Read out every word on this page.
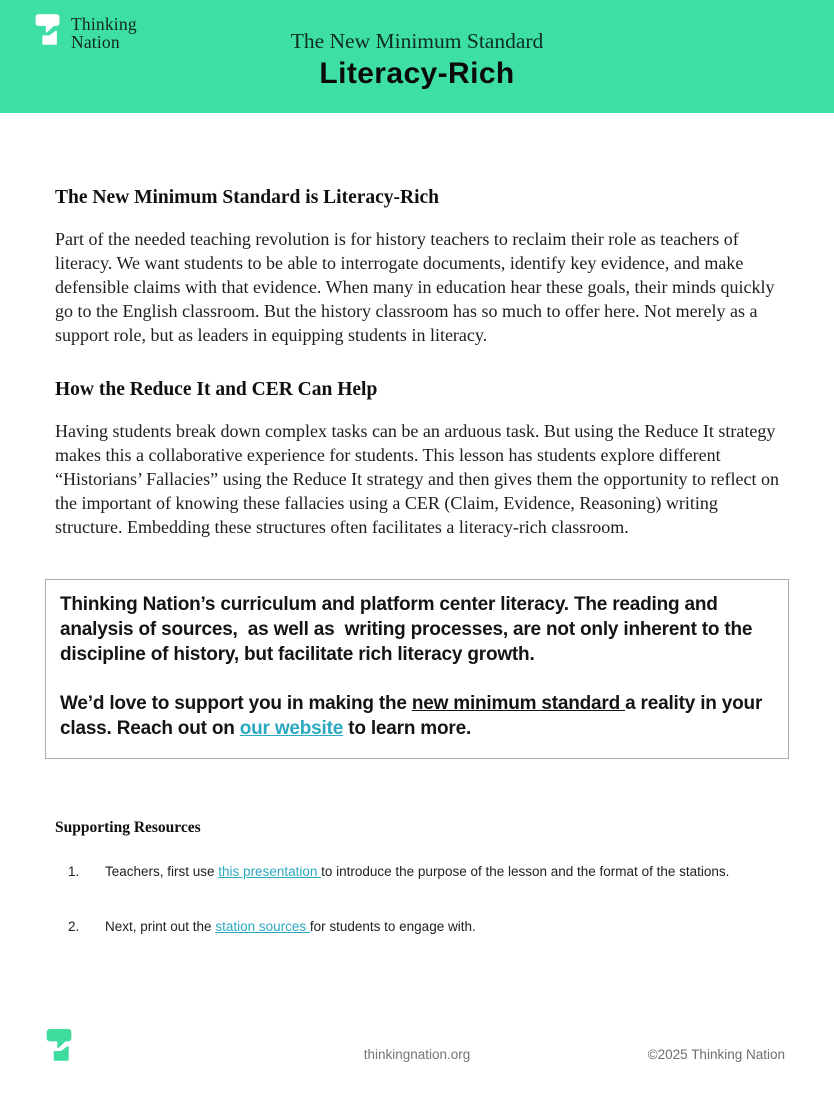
Thinking
Nation	The New Minimum Standard
Literacy-Rich
The New Minimum Standard is Literacy-Rich

Part of the needed teaching revolution is for history teachers to reclaim their role as teachers of literacy. We want students to be able to interrogate documents, identify key evidence, and make defensible claims with that evidence. When many in education hear these goals, their minds quickly go to the English classroom. But the history classroom has so much to offer here. Not merely as a support role, but as leaders in equipping students in literacy.

How the Reduce It and CER Can Help

Having students break down complex tasks can be an arduous task. But using the Reduce It strategy makes this a collaborative experience for students. This lesson has students explore different “Historians’ Fallacies” using the Reduce It strategy and then gives them the opportunity to reflect on the important of knowing these fallacies using a CER (Claim, Evidence, Reasoning) writing structure. Embedding these structures often facilitates a literacy-rich classroom.

Thinking Nation’s curriculum and platform center literacy. The reading and analysis of sources,  as well as  writing processes, are not only inherent to the discipline of history, but facilitate rich literacy growth.

We’d love to support you in making the new minimum standard a reality in your class. Reach out on our website to learn more.

Supporting Resources
Teachers, first use this presentation to introduce the purpose of the lesson and the format of the stations.
Next, print out the station sources for students to engage with.
thinkingnation.org	©2025 Thinking Nation
